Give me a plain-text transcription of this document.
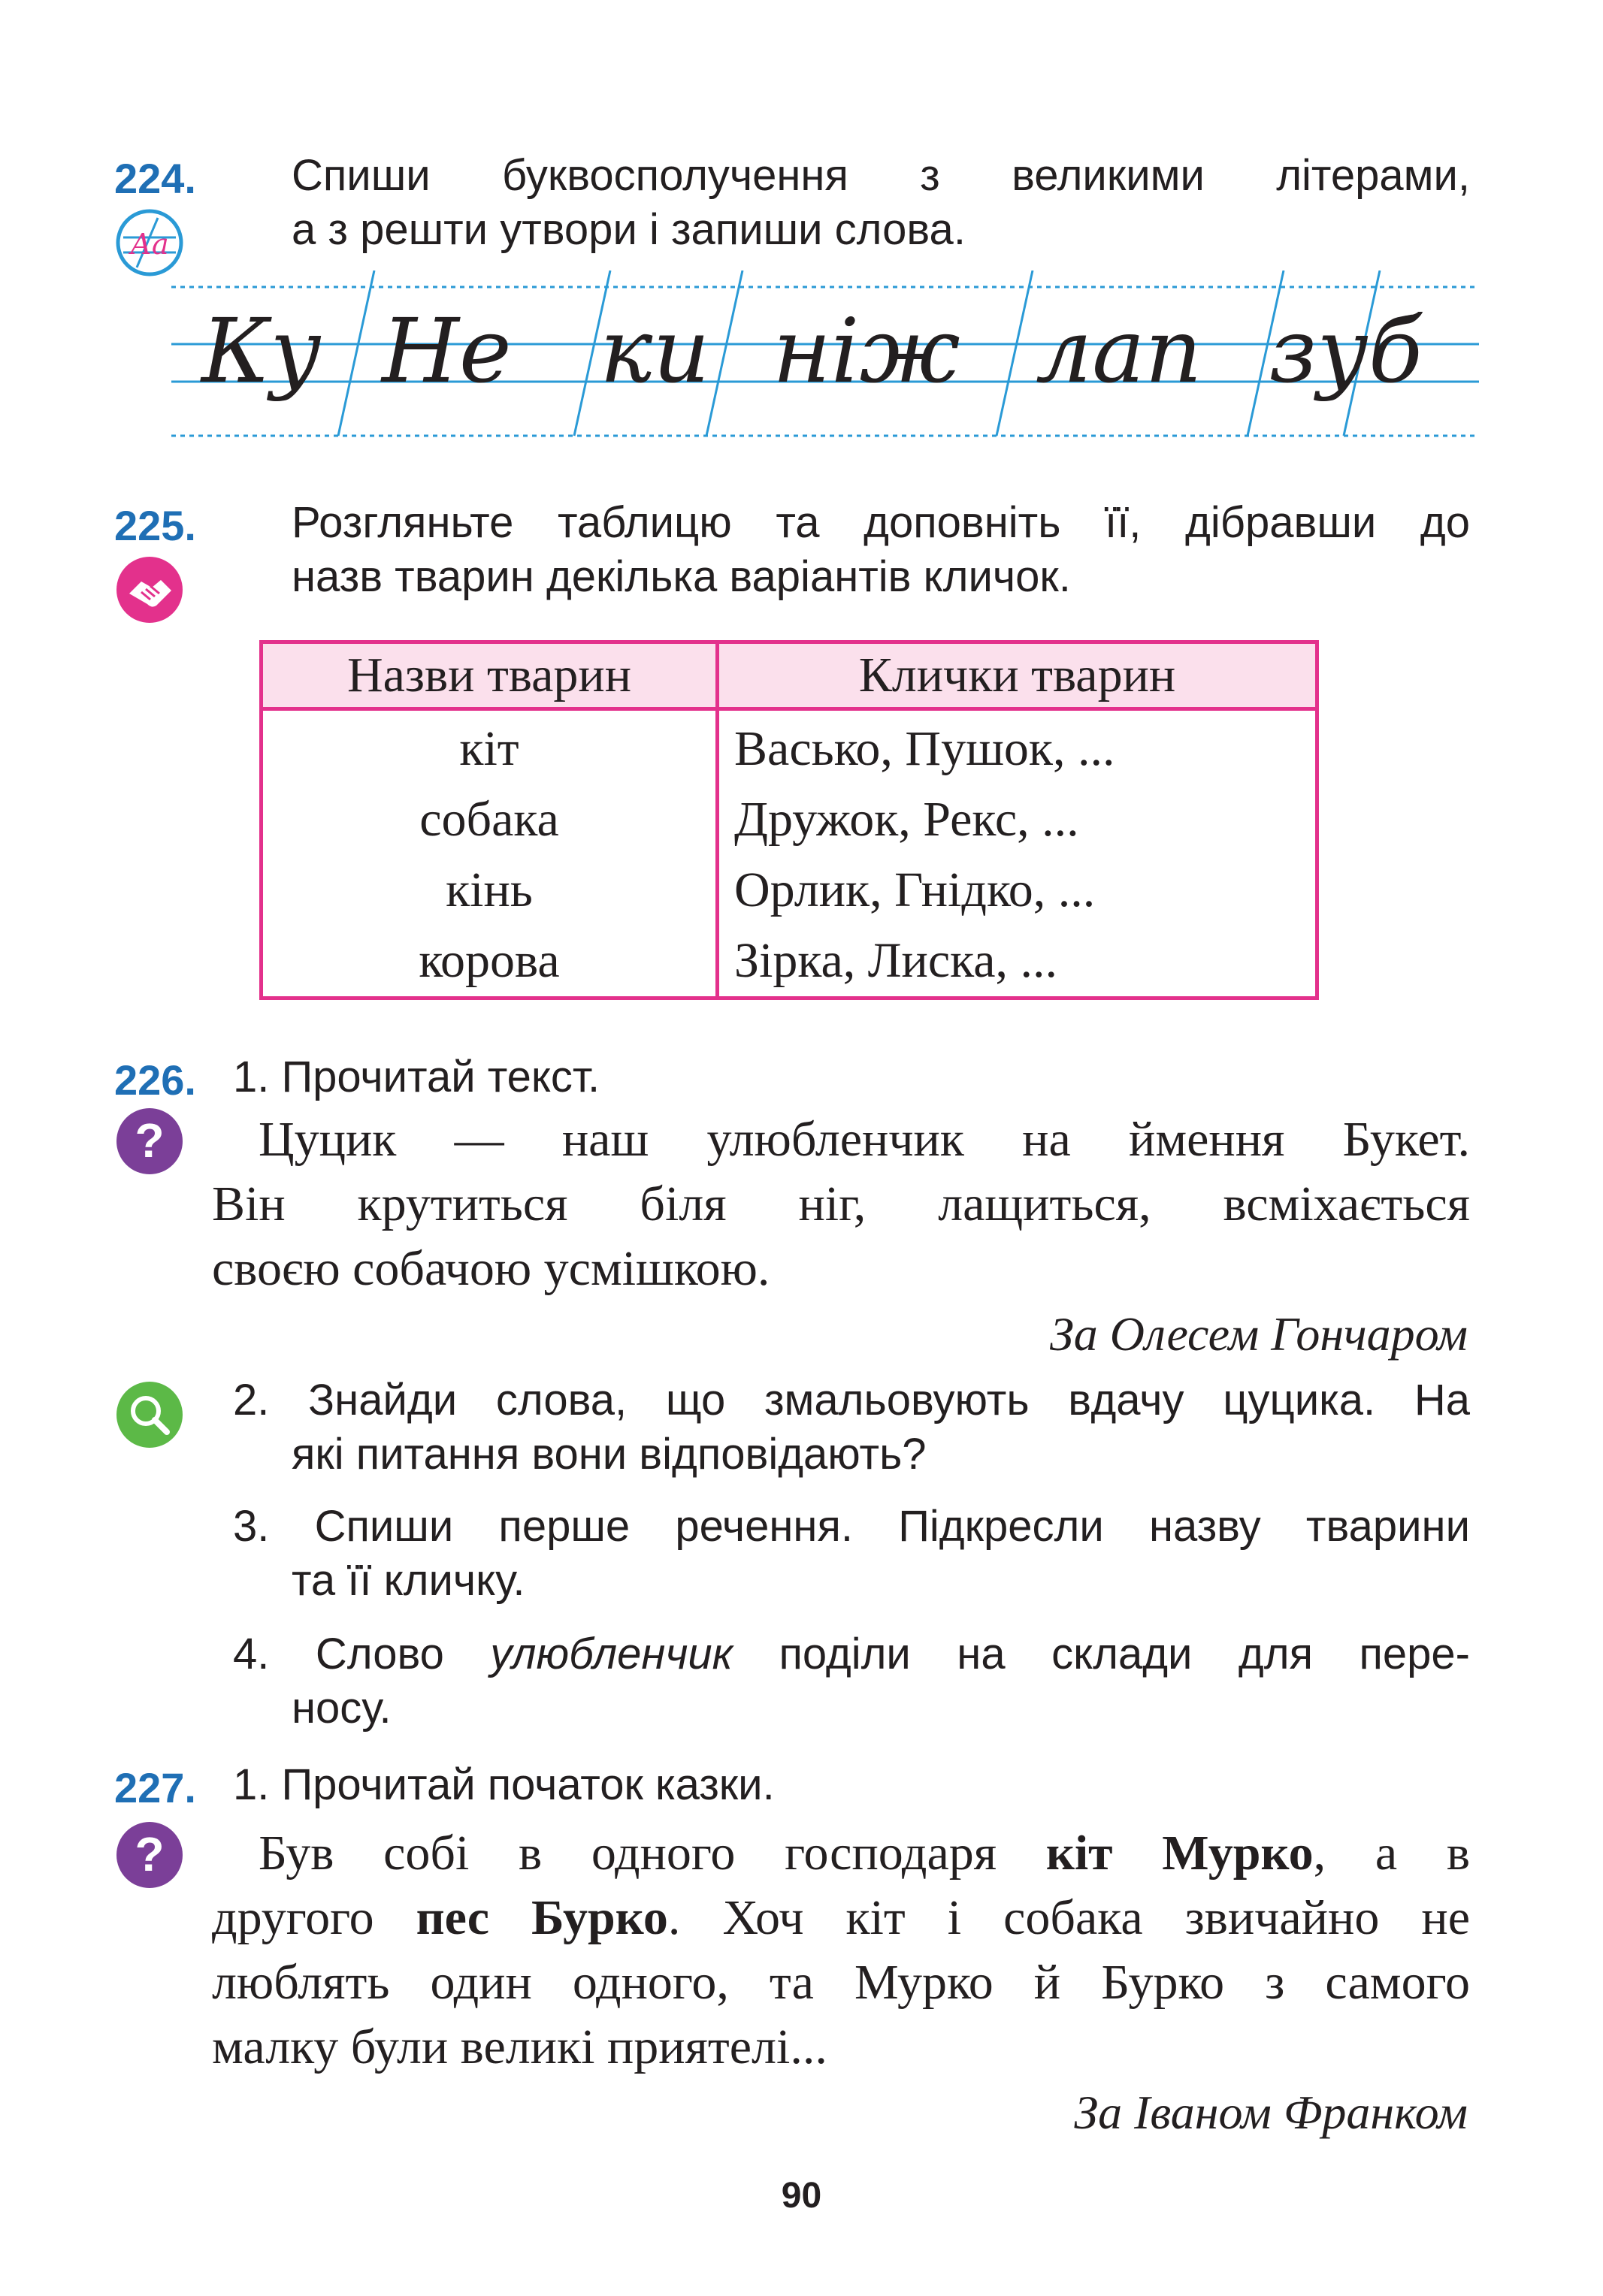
224.
Аа
Спиши буквосполучення з великими літерами,
а з решти утвори і запиши слова.
Ку Не ки ніж лап зуб
225. Розгляньте таблицю та доповніть її, дібравши до
назв тварин декілька варіантів кличок.
Назви тварин	Клички тварин
кіт	Васько, Пушок, ...
собака	Дружок, Рекс, ...
кінь	Орлик, Гнідко, ...
корова	Зірка, Лиска, ...
226. 1. Прочитай текст.
? Цуцик — наш улюбленчик на ймення Букет.
Він крутиться біля ніг, лащиться, всміхається
своєю собачою усмішкою.
За Олесем Гончаром
2. Знайди слова, що змальовують вдачу цуцика. На
які питання вони відповідають?
3. Спиши перше речення. Підкресли назву тварини
та її кличку.
4. Слово улюбленчик поділи на склади для пере-
носу.
227. 1. Прочитай початок казки.
? Був собі в одного господаря кіт Мурко, а в
другого пес Бурко. Хоч кіт і собака звичайно не
люблять один одного, та Мурко й Бурко з самого
малку були великі приятелі...
За Іваном Франком
90
